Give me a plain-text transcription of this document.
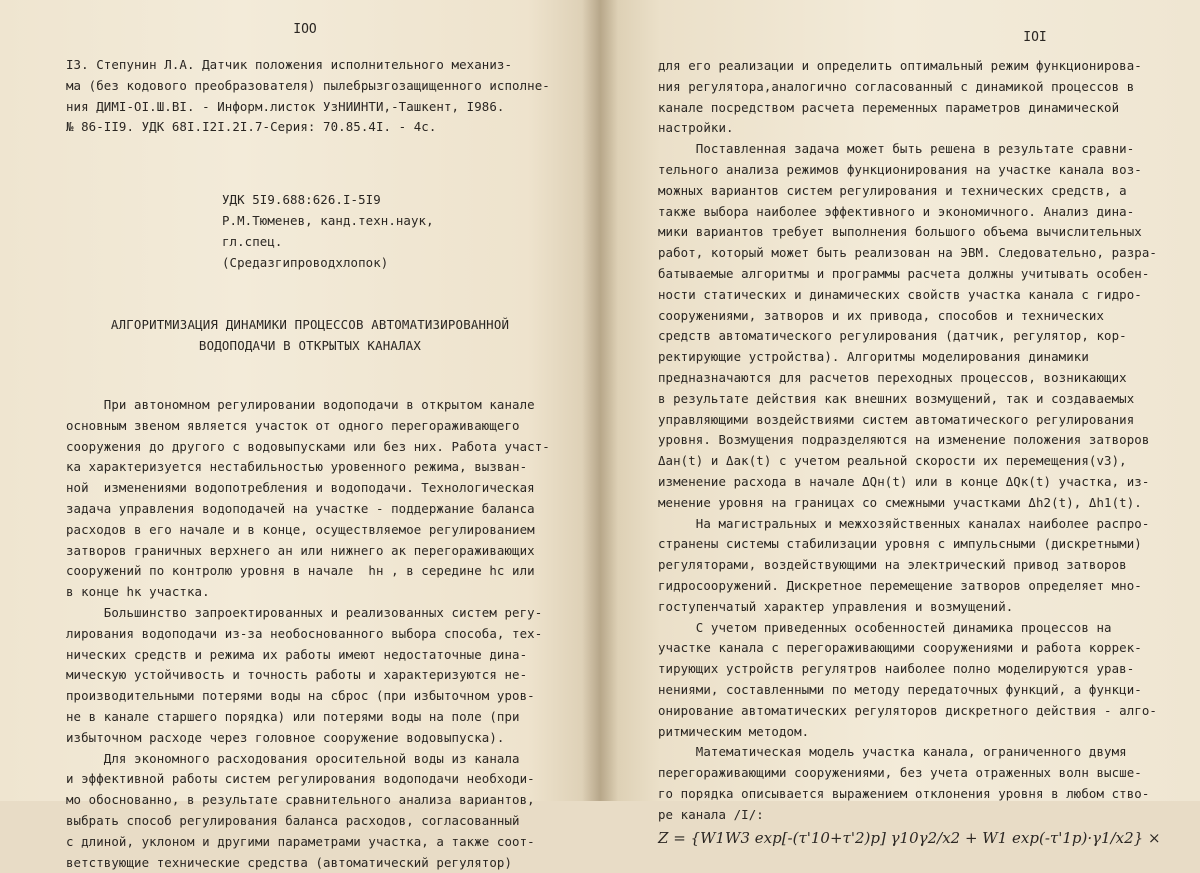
IOO
I3. Степунин Л.А. Датчик положения исполнительного механиз-
ма (без кодового преобразователя) пылебрызгозащищенного исполне-
ния ДИМI-OI.Ш.BI. - Информ.листок УзНИИНТИ,-Ташкент, I986.
№ 86-II9. УДК 68I.I2I.2I.7-Серия: 70.85.4I. - 4с.
УДК 5I9.688:626.I-5I9
Р.М.Тюменев, канд.техн.наук,
гл.спец.
(Средазгипроводхлопок)
АЛГОРИТМИЗАЦИЯ ДИНАМИКИ ПРОЦЕССОВ АВТОМАТИЗИРОВАННОЙ
ВОДОПОДАЧИ В ОТКРЫТЫХ КАНАЛАХ
При автономном регулировании водоподачи в открытом канале
основным звеном является участок от одного перегораживающего
сооружения до другого с водовыпусками или без них. Работа участ-
ка характеризуется нестабильностью уровенного режима, вызван-
ной  изменениями водопотребления и водоподачи. Технологическая
задача управления водоподачей на участке - поддержание баланса
расходов в его начале и в конце, осуществляемое регулированием
затворов граничных верхнего aн или нижнего aк перегораживающих
сооружений по контролю уровня в начале  hн , в середине hс или
в конце hк участка.
Большинство запроектированных и реализованных систем регу-
лирования водоподачи из-за необоснованного выбора способа, тех-
нических средств и режима их работы имеют недостаточные дина-
мическую устойчивость и точность работы и характеризуются не-
производительными потерями воды на сброс (при избыточном уров-
не в канале старшего порядка) или потерями воды на поле (при
избыточном расходе через головное сооружение водовыпуска).
Для экономного расходования оросительной воды из канала
и эффективной работы систем регулирования водоподачи необходи-
мо обоснованно, в результате сравнительного анализа вариантов,
выбрать способ регулирования баланса расходов, согласованный
с длиной, уклоном и другими параметрами участка, а также соот-
ветствующие технические средства (автоматический регулятор)
IOI
для его реализации и определить оптимальный режим функционирова-
ния регулятора,аналогично согласованный с динамикой процессов в
канале посредством расчета переменных параметров динамической
настройки.
Поставленная задача может быть решена в результате сравни-
тельного анализа режимов функционирования на участке канала воз-
можных вариантов систем регулирования и технических средств, а
также выбора наиболее эффективного и экономичного. Анализ дина-
мики вариантов требует выполнения большого объема вычислительных
работ, который может быть реализован на ЭВМ. Следовательно, разра-
батываемые алгоритмы и программы расчета должны учитывать особен-
ности статических и динамических свойств участка канала с гидро-
сооружениями, затворов и их привода, способов и технических
средств автоматического регулирования (датчик, регулятор, кор-
ректирующие устройства). Алгоритмы моделирования динамики
предназначаются для расчетов переходных процессов, возникающих
в результате действия как внешних возмущений, так и создаваемых
управляющими воздействиями систем автоматического регулирования
уровня. Возмущения подразделяются на изменение положения затворов
Δaн(t) и Δaк(t) с учетом реальной скорости их перемещения(v3),
изменение расхода в начале ΔQн(t) или в конце ΔQк(t) участка, из-
менение уровня на границах со смежными участками Δh2(t), Δh1(t).
На магистральных и межхозяйственных каналах наиболее распро-
странены системы стабилизации уровня с импульсными (дискретными)
регуляторами, воздействующими на электрический привод затворов
гидросооружений. Дискретное перемещение затворов определяет мно-
гоступенчатый характер управления и возмущений.
С учетом приведенных особенностей динамика процессов на
участке канала с перегораживающими сооружениями и работа коррек-
тирующих устройств регулятров наиболее полно моделируются урав-
нениями, составленными по методу передаточных функций, а функци-
онирование автоматических регуляторов дискретного действия - алго-
ритмическим методом.
Математическая модель участка канала, ограниченного двумя
перегораживающими сооружениями, без учета отраженных волн высше-
го порядка описывается выражением отклонения уровня в любом ство-
ре канала /I/:
Z = {W1W3 exp[-(τ'10+τ'2)p] γ10γ2/x2 + W1 exp(-τ'1p)·γ1/x2} ×
